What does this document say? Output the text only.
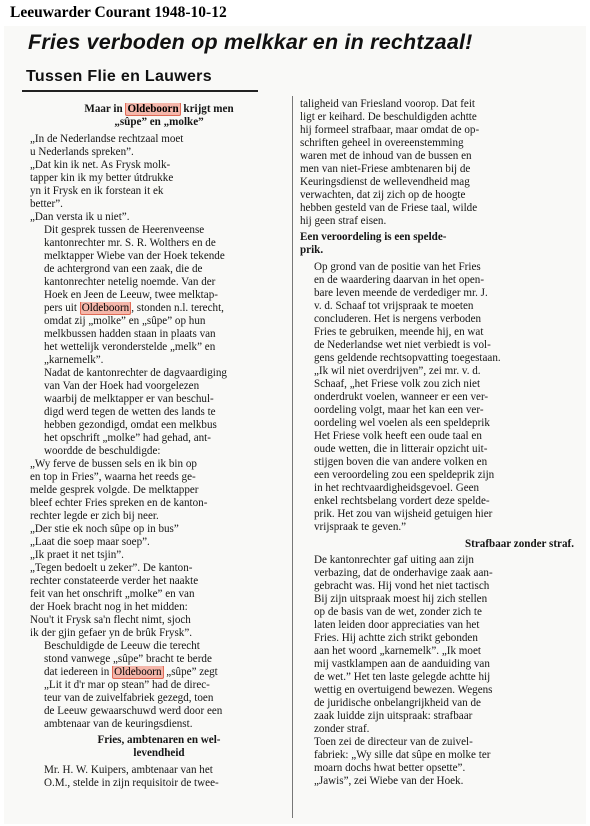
Leeuwarder Courant 1948-10-12
Fries verboden op melkkar en in rechtzaal!
Tussen Flie en Lauwers
Maar in Oldeboorn krijgt men
„sûpe” en „molke”
„In de Nederlandse rechtzaal moet
u Nederlands spreken”.
„Dat kin ik net. As Frysk molk-
tapper kin ik my better útdrukke
yn it Frysk en ik forstean it ek
better”.
„Dan versta ik u niet”.
Dit gesprek tussen de Heerenveense
kantonrechter mr. S. R. Wolthers en de
melktapper Wiebe van der Hoek tekende
de achtergrond van een zaak, die de
kantonrechter netelig noemde. Van der
Hoek en Jeen de Leeuw, twee melktap-
pers uit Oldeboorn , stonden n.l. terecht,
omdat zij „molke” en „sûpe” op hun
melkbussen hadden staan in plaats van
het wettelijk veronderstelde „melk” en
„karnemelk”.
Nadat de kantonrechter de dagvaardiging
van Van der Hoek had voorgelezen
waarbij de melktapper er van beschul-
digd werd tegen de wetten des lands te
hebben gezondigd, omdat een melkbus
het opschrift „molke” had gehad, ant-
woordde de beschuldigde:
„Wy ferve de bussen sels en ik bin op
en top in Fries”, waarna het reeds ge-
melde gesprek volgde. De melktapper
bleef echter Fries spreken en de kanton-
rechter legde er zich bij neer.
„Der stie ek noch sûpe op in bus”
„Laat die soep maar soep”.
„Ik praet it net tsjin”.
„Tegen bedoelt u zeker”. De kanton-
rechter constateerde verder het naakte
feit van het onschrift „molke” en van
der Hoek bracht nog in het midden:
Nou't it Frysk sa'n flecht nimt, sjoch
ik der gjin gefaer yn de brûk Frysk”.
Beschuldigde de Leeuw die terecht
stond vanwege „sûpe” bracht te berde
dat iedereen in Oldeboorn „sûpe” zegt
„Lit it d'r mar op stean” had de direc-
teur van de zuivelfabriek gezegd, toen
de Leeuw gewaarschuwd werd door een
ambtenaar van de keuringsdienst.
Fries, ambtenaren en wel-
levendheid
Mr. H. W. Kuipers, ambtenaar van het
O.M., stelde in zijn requisitoir de twee-
taligheid van Friesland voorop. Dat feit
ligt er keihard. De beschuldigden achtte
hij formeel strafbaar, maar omdat de op-
schriften geheel in overeenstemming
waren met de inhoud van de bussen en
men van niet-Friese ambtenaren bij de
Keuringsdienst de wellevendheid mag
verwachten, dat zij zich op de hoogte
hebben gesteld van de Friese taal, wilde
hij geen straf eisen.
Een veroordeling is een spelde-
prik.
Op grond van de positie van het Fries
en de waardering daarvan in het open-
bare leven meende de verdediger mr. J.
v. d. Schaaf tot vrijspraak te moeten
concluderen. Het is nergens verboden
Fries te gebruiken, meende hij, en wat
de Nederlandse wet niet verbiedt is vol-
gens geldende rechtsopvatting toegestaan.
„Ik wil niet overdrijven”, zei mr. v. d.
Schaaf, „het Friese volk zou zich niet
onderdrukt voelen, wanneer er een ver-
oordeling volgt, maar het kan een ver-
oordeling wel voelen als een speldeprik
Het Friese volk heeft een oude taal en
oude wetten, die in litterair opzicht uit-
stijgen boven die van andere volken en
een veroordeling zou een speldeprik zijn
in het rechtvaardigheidsgevoel. Geen
enkel rechtsbelang vordert deze spelde-
prik. Het zou van wijsheid getuigen hier
vrijspraak te geven.”
Strafbaar zonder straf.
De kantonrechter gaf uiting aan zijn
verbazing, dat de onderhavige zaak aan-
gebracht was. Hij vond het niet tactisch
Bij zijn uitspraak moest hij zich stellen
op de basis van de wet, zonder zich te
laten leiden door appreciaties van het
Fries. Hij achtte zich strikt gebonden
aan het woord „karnemelk”. „Ik moet
mij vastklampen aan de aanduiding van
de wet.” Het ten laste gelegde achtte hij
wettig en overtuigend bewezen. Wegens
de juridische onbelangrijkheid van de
zaak luidde zijn uitspraak: strafbaar
zonder straf.
Toen zei de directeur van de zuivel-
fabriek: „Wy sille dat sûpe en molke ter
moarn dochs hwat better opsette”.
„Jawis”, zei Wiebe van der Hoek.
